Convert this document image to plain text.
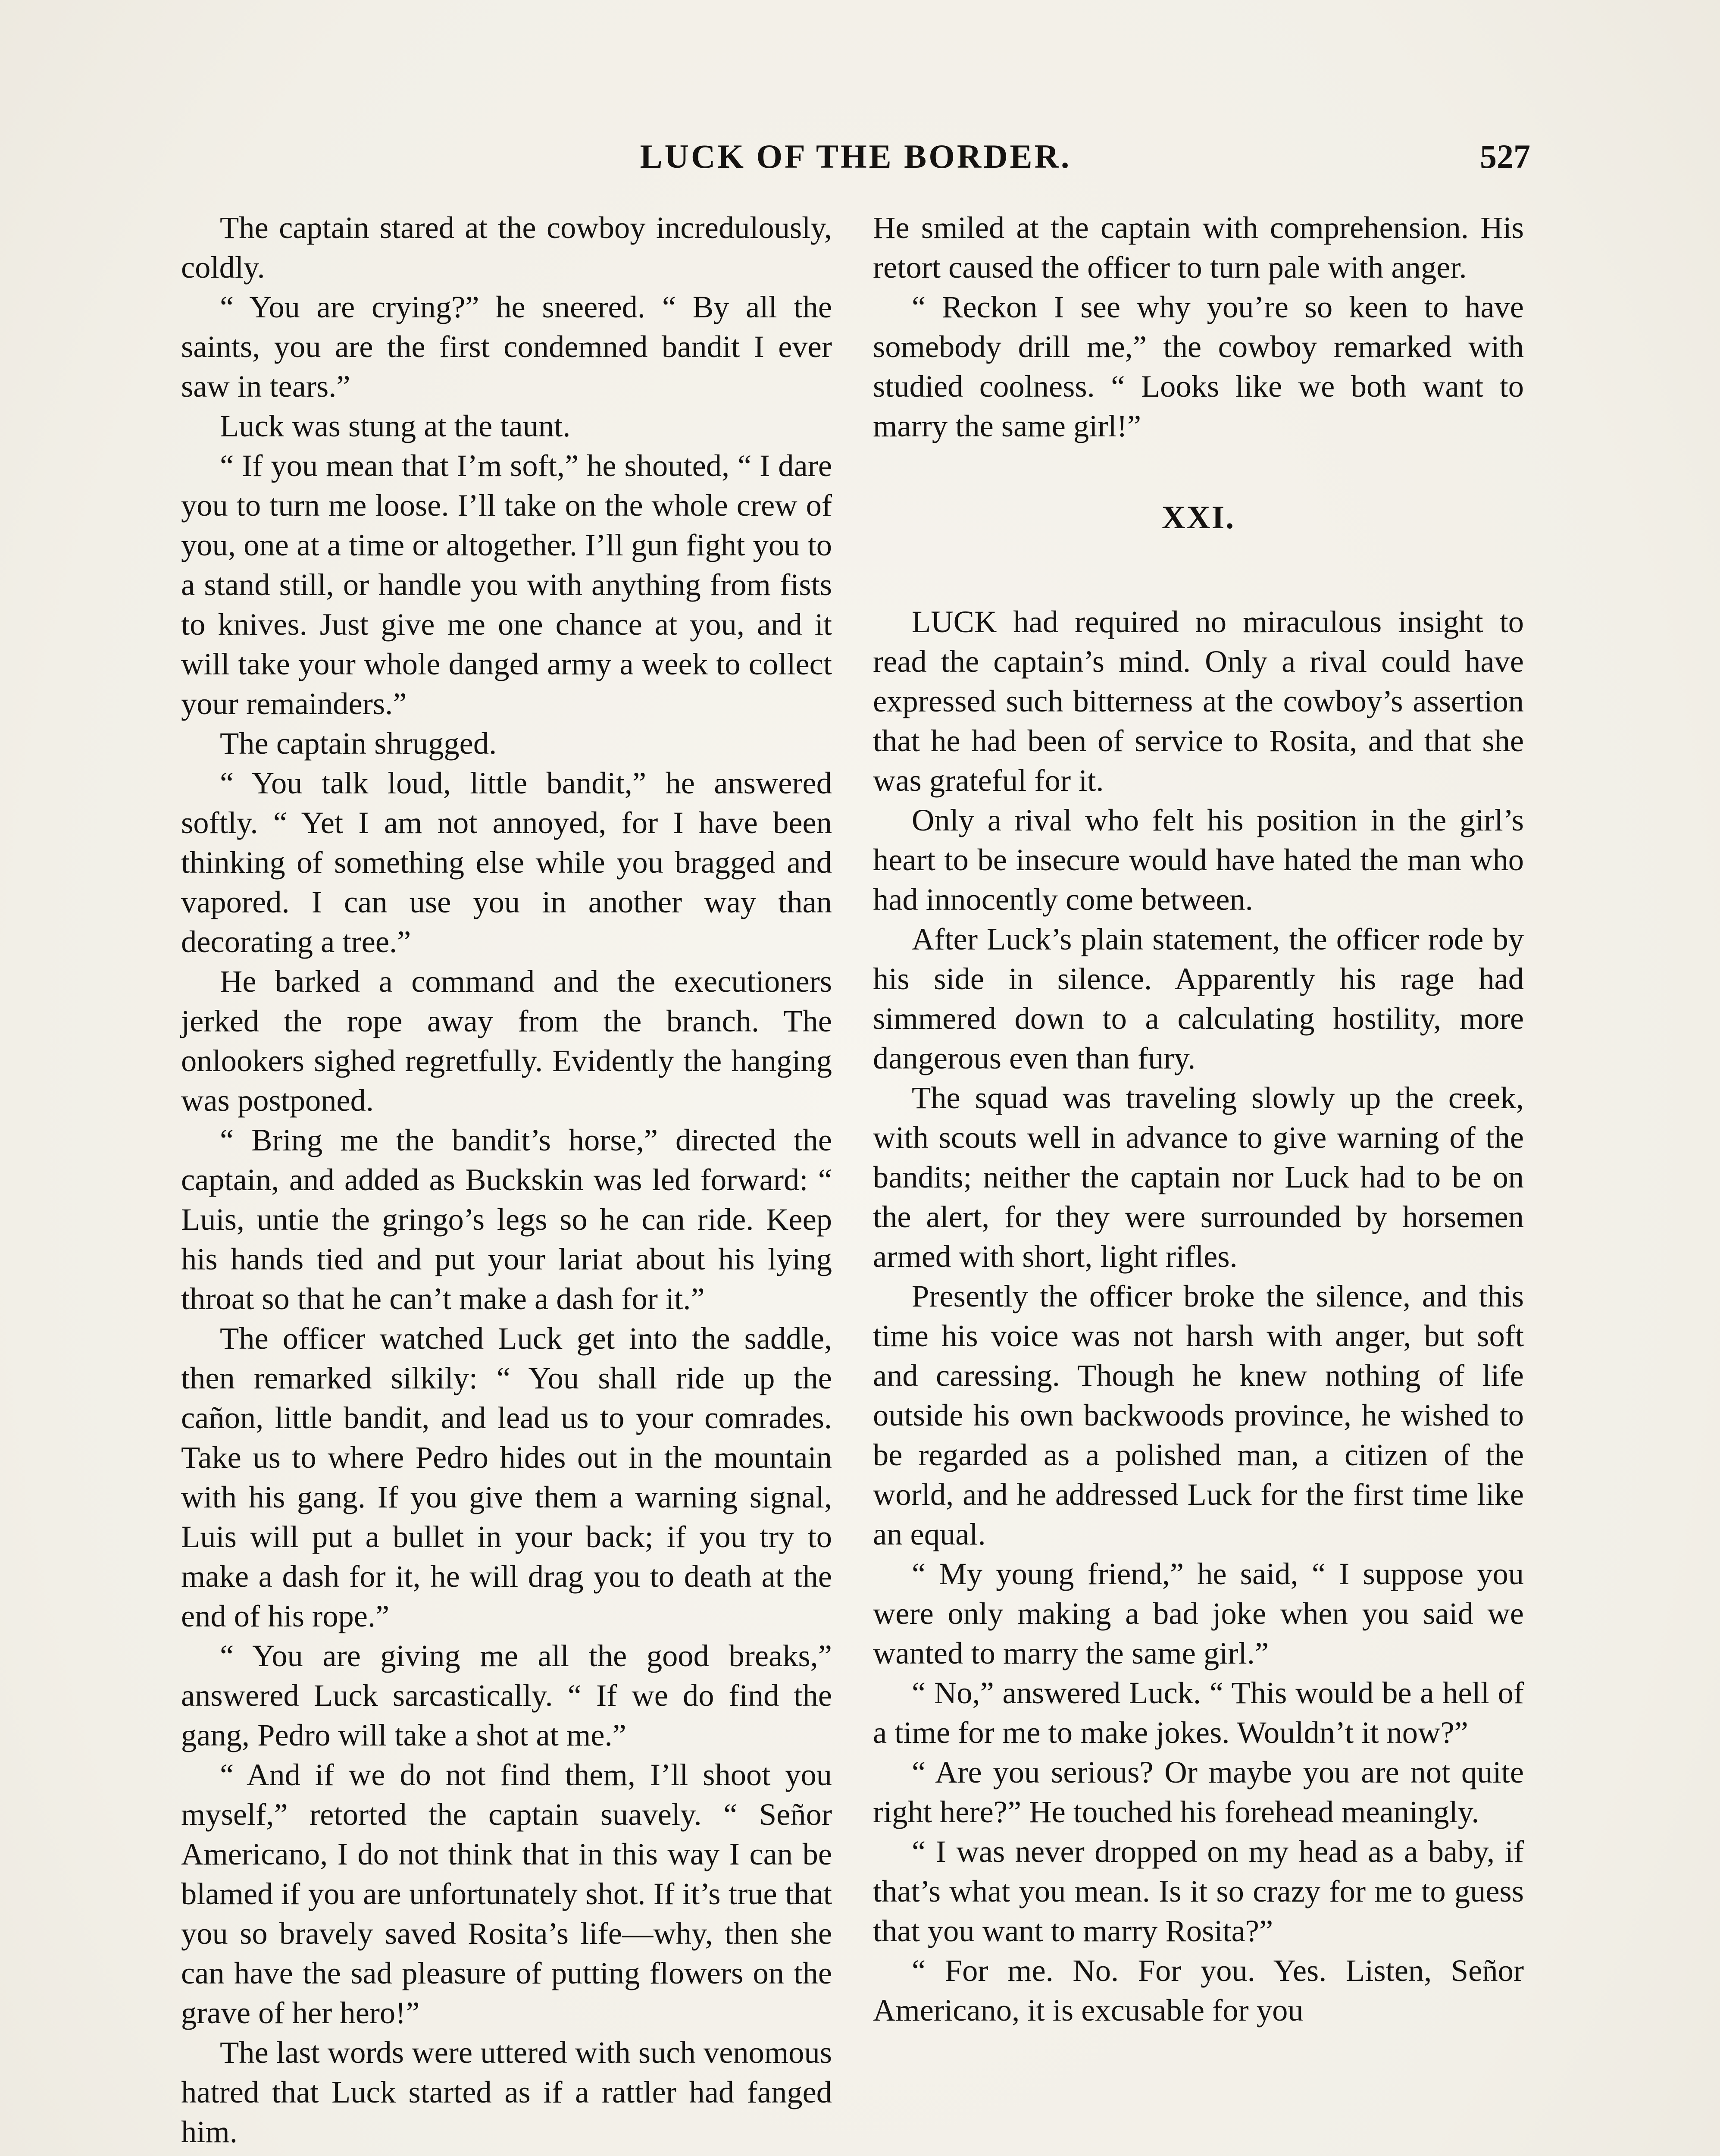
LUCK OF THE BORDER.	527

The captain stared at the cowboy incredulously, coldly.

“ You are crying?” he sneered. “ By all the saints, you are the first condemned bandit I ever saw in tears.”

Luck was stung at the taunt.

“ If you mean that I’m soft,” he shouted, “ I dare you to turn me loose. I’ll take on the whole crew of you, one at a time or altogether. I’ll gun fight you to a stand still, or handle you with anything from fists to knives. Just give me one chance at you, and it will take your whole danged army a week to collect your remainders.”

The captain shrugged.

“ You talk loud, little bandit,” he answered softly. “ Yet I am not annoyed, for I have been thinking of something else while you bragged and vapored. I can use you in another way than decorating a tree.”

He barked a command and the executioners jerked the rope away from the branch. The onlookers sighed regretfully. Evidently the hanging was postponed.

“ Bring me the bandit’s horse,” directed the captain, and added as Buckskin was led forward: “ Luis, untie the gringo’s legs so he can ride. Keep his hands tied and put your lariat about his lying throat so that he can’t make a dash for it.”

The officer watched Luck get into the saddle, then remarked silkily: “ You shall ride up the cañon, little bandit, and lead us to your comrades. Take us to where Pedro hides out in the mountain with his gang. If you give them a warning signal, Luis will put a bullet in your back; if you try to make a dash for it, he will drag you to death at the end of his rope.”

“ You are giving me all the good breaks,” answered Luck sarcastically. “ If we do find the gang, Pedro will take a shot at me.”

“ And if we do not find them, I’ll shoot you myself,” retorted the captain suavely. “ Señor Americano, I do not think that in this way I can be blamed if you are unfortunately shot. If it’s true that you so bravely saved Rosita’s life—why, then she can have the sad pleasure of putting flowers on the grave of her hero!”

The last words were uttered with such venomous hatred that Luck started as if a rattler had fanged him.

He smiled at the captain with comprehension. His retort caused the officer to turn pale with anger.

“ Reckon I see why you’re so keen to have somebody drill me,” the cowboy remarked with studied coolness. “ Looks like we both want to marry the same girl!”

XXI.

LUCK had required no miraculous insight to read the captain’s mind. Only a rival could have expressed such bitterness at the cowboy’s assertion that he had been of service to Rosita, and that she was grateful for it.

Only a rival who felt his position in the girl’s heart to be insecure would have hated the man who had innocently come between.

After Luck’s plain statement, the officer rode by his side in silence. Apparently his rage had simmered down to a calculating hostility, more dangerous even than fury.

The squad was traveling slowly up the creek, with scouts well in advance to give warning of the bandits; neither the captain nor Luck had to be on the alert, for they were surrounded by horsemen armed with short, light rifles.

Presently the officer broke the silence, and this time his voice was not harsh with anger, but soft and caressing. Though he knew nothing of life outside his own backwoods province, he wished to be regarded as a polished man, a citizen of the world, and he addressed Luck for the first time like an equal.

“ My young friend,” he said, “ I suppose you were only making a bad joke when you said we wanted to marry the same girl.”

“ No,” answered Luck. “ This would be a hell of a time for me to make jokes. Wouldn’t it now?”

“ Are you serious? Or maybe you are not quite right here?” He touched his forehead meaningly.

“ I was never dropped on my head as a baby, if that’s what you mean. Is it so crazy for me to guess that you want to marry Rosita?”

“ For me. No. For you. Yes. Listen, Señor Americano, it is excusable for you
